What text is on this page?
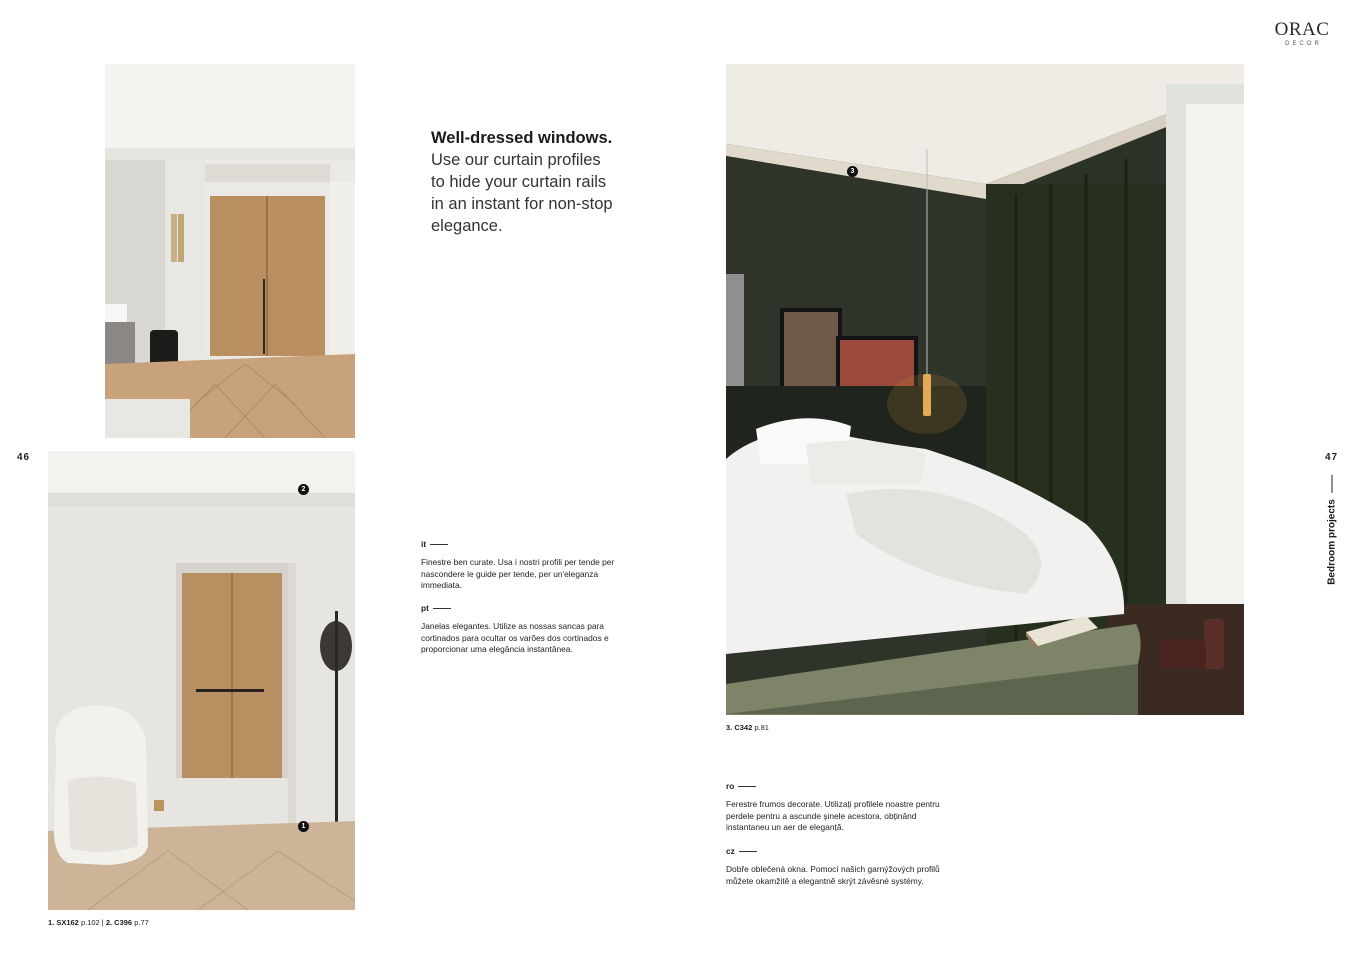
ORAC
DECOR
46	47
Bedroom projects
2
1
1. SX162 p.102 | 2. C396 p.77
Well-dressed windows.
Use our curtain profiles
to hide your curtain rails
in an instant for non-stop
elegance.
it
Finestre ben curate. Usa i nostri profili per tende per nascondere le guide per tende, per un'eleganza immediata.
pt
Janelas elegantes. Utilize as nossas sancas para cortinados para ocultar os varões dos cortinados e proporcionar uma elegância instantânea.
3
3. C342 p.81
ro
Ferestre frumos decorate. Utilizați profilele noastre pentru perdele pentru a ascunde șinele acestora, obținând instantaneu un aer de eleganță.
cz
Dobře oblečená okna. Pomocí našich garnýžových profilů můžete okamžitě a elegantně skrýt závěsné systémy.
